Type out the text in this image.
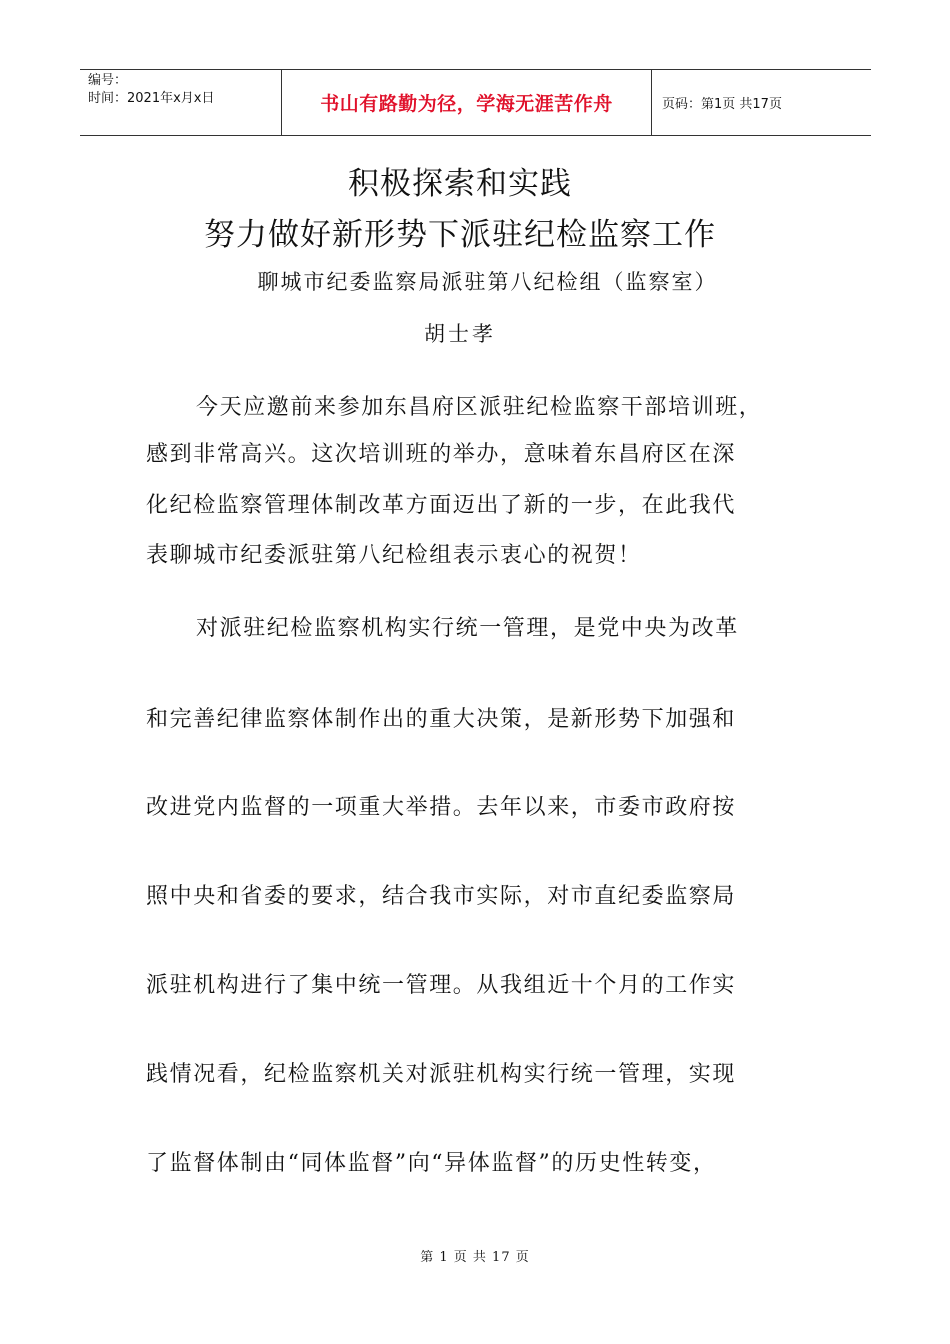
编号：
时间：2021年x月x日	书山有路勤为径，学海无涯苦作舟	页码：第1页 共17页
积极探索和实践
努力做好新形势下派驻纪检监察工作
聊城市纪委监察局派驻第八纪检组（监察室）
胡士孝
今天应邀前来参加东昌府区派驻纪检监察干部培训班，
感到非常高兴。这次培训班的举办，意味着东昌府区在深
化纪检监察管理体制改革方面迈出了新的一步，在此我代
表聊城市纪委派驻第八纪检组表示衷心的祝贺！
对派驻纪检监察机构实行统一管理，是党中央为改革
和完善纪律监察体制作出的重大决策，是新形势下加强和
改进党内监督的一项重大举措。去年以来，市委市政府按
照中央和省委的要求，结合我市实际，对市直纪委监察局
派驻机构进行了集中统一管理。从我组近十个月的工作实
践情况看，纪检监察机关对派驻机构实行统一管理，实现
了监督体制由“同体监督”向“异体监督”的历史性转变，
第 1 页 共 17 页
